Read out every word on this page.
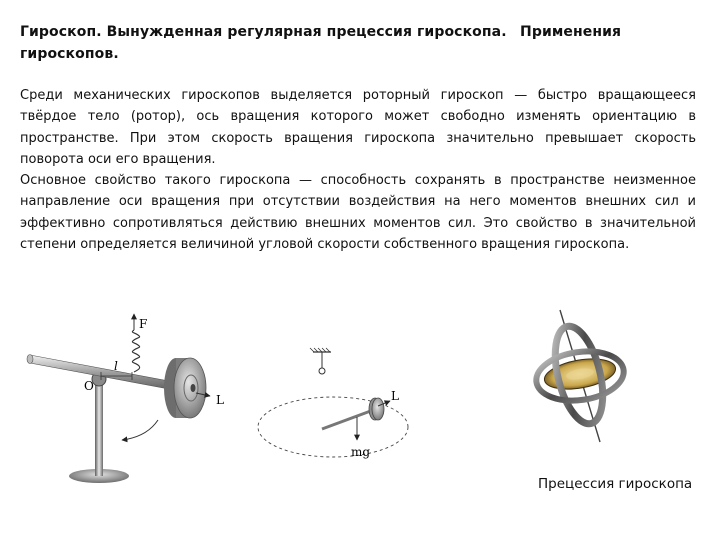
Гироскоп. Вынужденная регулярная прецессия гироскопа. Применения
гироскопов.

Среди механических гироскопов выделяется роторный гироскоп — быстро вращающееся твёрдое тело (ротор), ось вращения которого может свободно изменять ориентацию в пространстве. При этом скорость вращения гироскопа значительно превышает скорость поворота оси его вращения.

Основное свойство такого гироскопа — способность сохранять в пространстве неизменное направление оси вращения при отсутствии воздействия на него моментов внешних сил и эффективно сопротивляться действию внешних моментов сил. Это свойство в значительной степени определяется величиной угловой скорости собственного вращения гироскопа.

F
l
O
L	L
mg
Прецессия гироскопа
